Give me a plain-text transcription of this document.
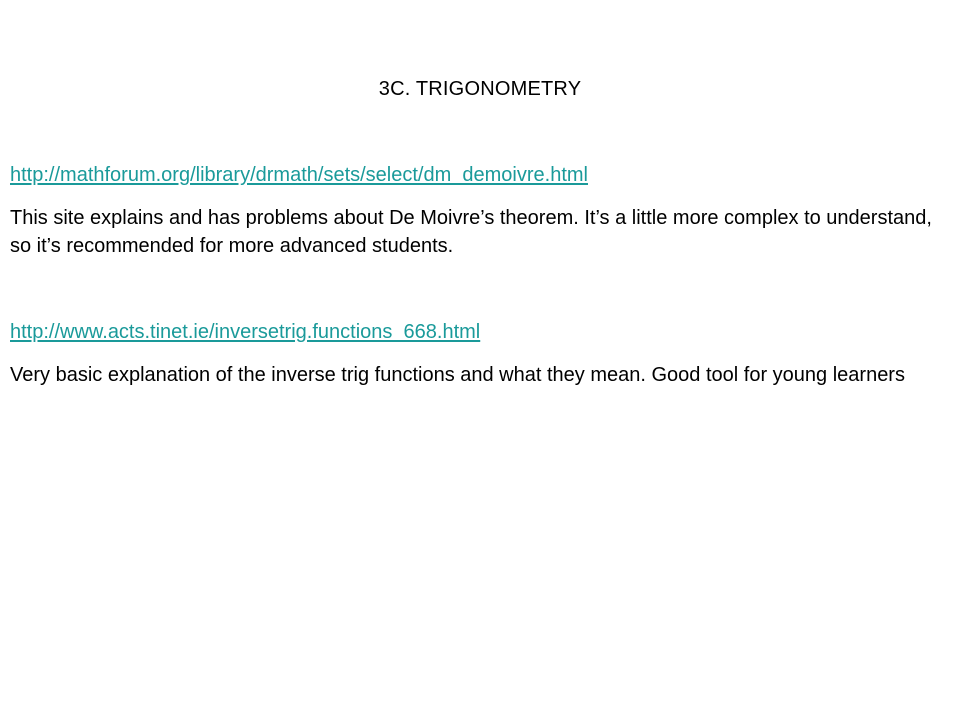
3C. TRIGONOMETRY
http://mathforum.org/library/drmath/sets/select/dm_demoivre.html
This site explains and has problems about De Moivre’s theorem. It’s a little more complex to understand, so it’s recommended for more advanced students.
http://www.acts.tinet.ie/inversetrig.functions_668.html
Very basic explanation of the inverse trig functions and what they mean. Good tool for young learners
